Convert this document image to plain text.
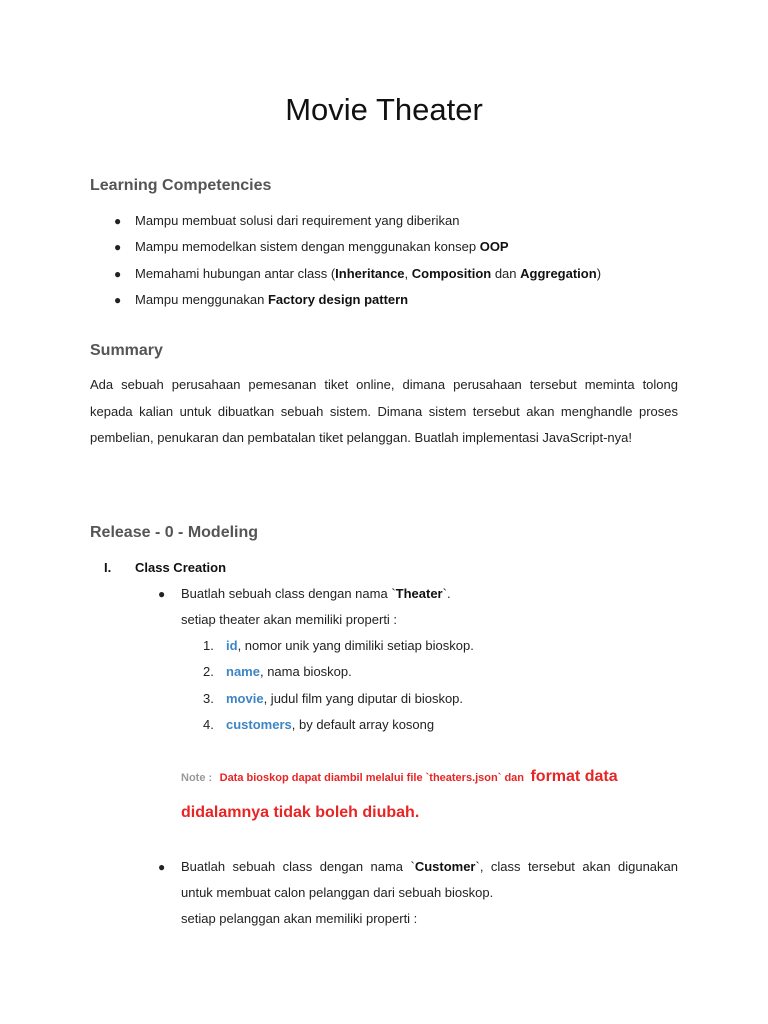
Movie Theater
Learning Competencies
● Mampu membuat solusi dari requirement yang diberikan
● Mampu memodelkan sistem dengan menggunakan konsep OOP
● Memahami hubungan antar class (Inheritance, Composition dan Aggregation)
● Mampu menggunakan Factory design pattern
Summary
Ada sebuah perusahaan pemesanan tiket online, dimana perusahaan tersebut meminta tolong kepada kalian untuk dibuatkan sebuah sistem. Dimana sistem tersebut akan menghandle proses pembelian, penukaran dan pembatalan tiket pelanggan. Buatlah implementasi JavaScript-nya!
Release - 0 - Modeling
I. Class Creation
● Buatlah sebuah class dengan nama `Theater`.
setiap theater akan memiliki properti :
1. id, nomor unik yang dimiliki setiap bioskop.
2. name, nama bioskop.
3. movie, judul film yang diputar di bioskop.
4. customers, by default array kosong
Note : Data bioskop dapat diambil melalui file `theaters.json` dan format data
didalamnya tidak boleh diubah.
● Buatlah sebuah class dengan nama `Customer`, class tersebut akan digunakan untuk membuat calon pelanggan dari sebuah bioskop.
setiap pelanggan akan memiliki properti :
